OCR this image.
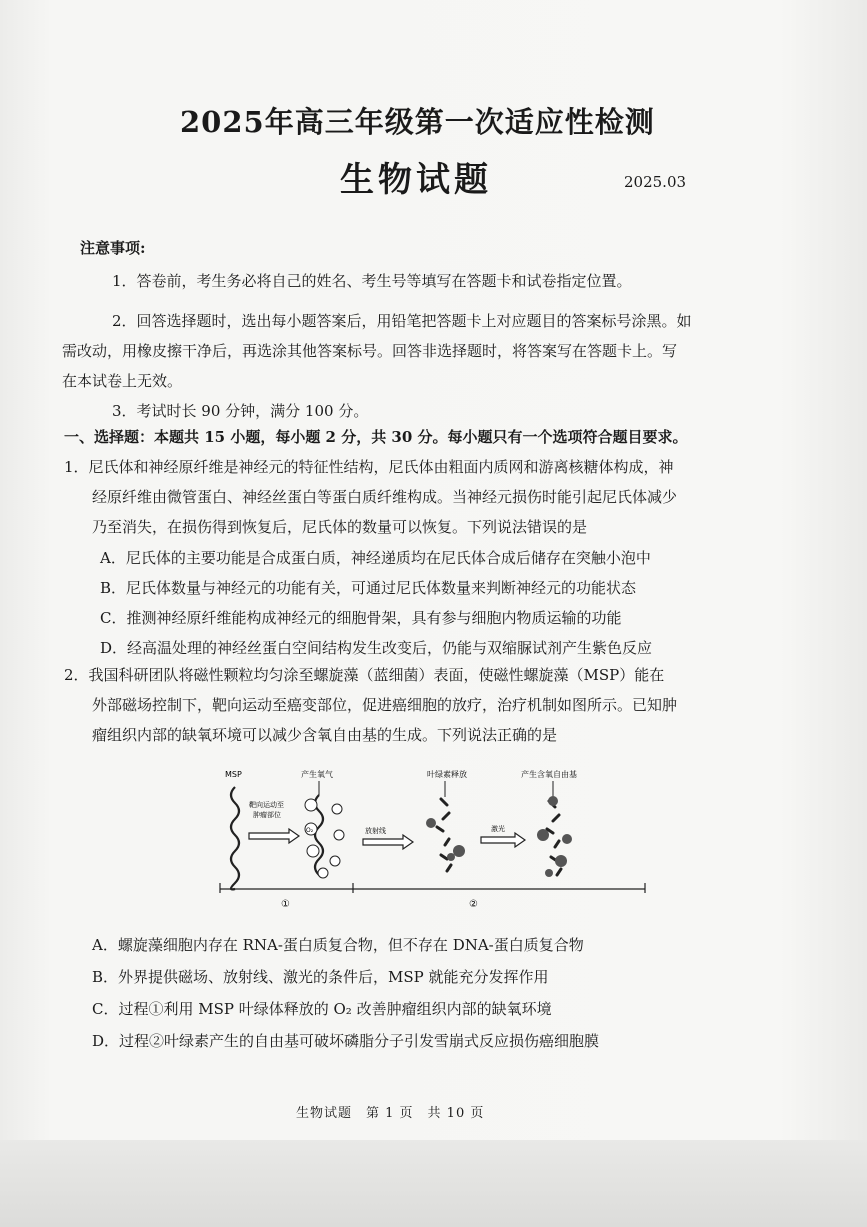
2025年高三年级第一次适应性检测
生物试题	2025.03
注意事项:
1．答卷前，考生务必将自己的姓名、考生号等填写在答题卡和试卷指定位置。
2．回答选择题时，选出每小题答案后，用铅笔把答题卡上对应题目的答案标号涂黑。如
需改动，用橡皮擦干净后，再选涂其他答案标号。回答非选择题时，将答案写在答题卡上。写
在本试卷上无效。
3．考试时长 90 分钟，满分 100 分。
一、选择题：本题共 15 小题，每小题 2 分，共 30 分。每小题只有一个选项符合题目要求。
1．尼氏体和神经原纤维是神经元的特征性结构，尼氏体由粗面内质网和游离核糖体构成，神
经原纤维由微管蛋白、神经丝蛋白等蛋白质纤维构成。当神经元损伤时能引起尼氏体减少
乃至消失，在损伤得到恢复后，尼氏体的数量可以恢复。下列说法错误的是
A．尼氏体的主要功能是合成蛋白质，神经递质均在尼氏体合成后储存在突触小泡中
B．尼氏体数量与神经元的功能有关，可通过尼氏体数量来判断神经元的功能状态
C．推测神经原纤维能构成神经元的细胞骨架，具有参与细胞内物质运输的功能
D．经高温处理的神经丝蛋白空间结构发生改变后，仍能与双缩脲试剂产生紫色反应
2．我国科研团队将磁性颗粒均匀涂至螺旋藻（蓝细菌）表面，使磁性螺旋藻（MSP）能在
外部磁场控制下，靶向运动至癌变部位，促进癌细胞的放疗，治疗机制如图所示。已知肿
瘤组织内部的缺氧环境可以减少含氧自由基的生成。下列说法正确的是
MSP
靶向运动至
肿瘤部位
产生氧气
O₂	放射线
叶绿素释放
激光
产生含氧自由基
①	②
A．螺旋藻细胞内存在 RNA-蛋白质复合物，但不存在 DNA-蛋白质复合物
B．外界提供磁场、放射线、激光的条件后，MSP 就能充分发挥作用
C．过程①利用 MSP 叶绿体释放的 O₂ 改善肿瘤组织内部的缺氧环境
D．过程②叶绿素产生的自由基可破坏磷脂分子引发雪崩式反应损伤癌细胞膜
生物试题　第 1 页　共 10 页
